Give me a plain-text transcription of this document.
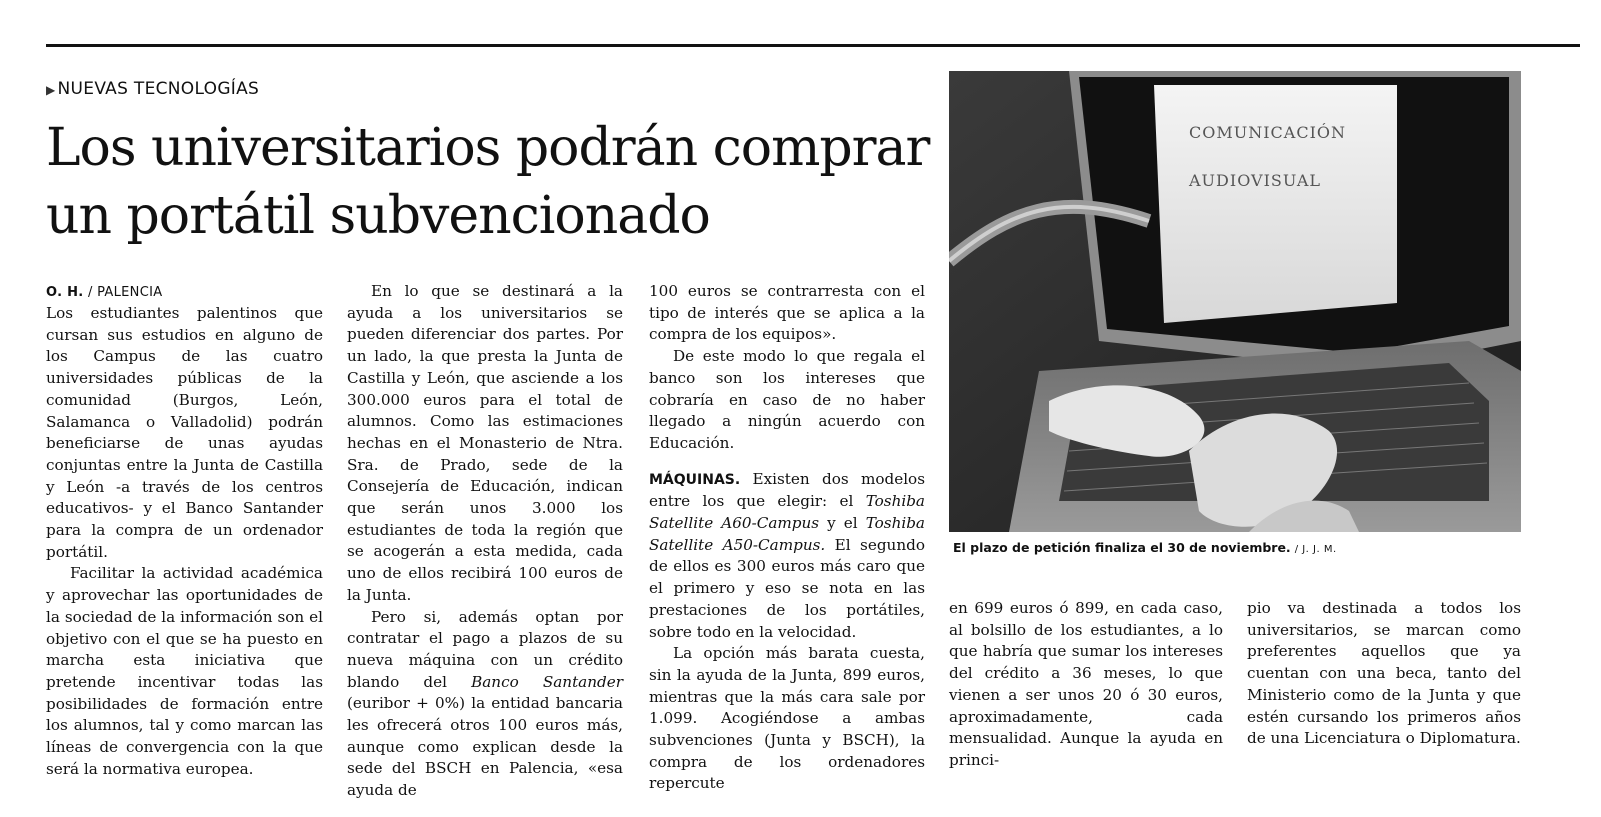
▶ NUEVAS TECNOLOGÍAS
Los universitarios podrán comprar
un portátil subvencionado
O. H. / PALENCIA

Los estudiantes palentinos que cursan sus estudios en alguno de los Campus de las cuatro universidades públicas de la comunidad (Burgos, León, Salamanca o Valladolid) podrán beneficiarse de unas ayudas conjuntas entre la Junta de Castilla y León -a través de los centros educativos- y el Banco Santander para la compra de un ordenador portátil.

Facilitar la actividad académica y aprovechar las oportunidades de la sociedad de la información son el objetivo con el que se ha puesto en marcha esta iniciativa que pretende incentivar todas las posibilidades de formación entre los alumnos, tal y como marcan las líneas de convergencia con la que será la normativa europea.

En lo que se destinará a la ayuda a los universitarios se pueden diferenciar dos partes. Por un lado, la que presta la Junta de Castilla y León, que asciende a los 300.000 euros para el total de alumnos. Como las estimaciones hechas en el Monasterio de Ntra. Sra. de Prado, sede de la Consejería de Educación, indican que serán unos 3.000 los estudiantes de toda la región que se acogerán a esta medida, cada uno de ellos recibirá 100 euros de la Junta.

Pero si, además optan por contratar el pago a plazos de su nueva máquina con un crédito blando del Banco Santander (euribor + 0%) la entidad bancaria les ofrecerá otros 100 euros más, aunque como explican desde la sede del BSCH en Palencia, «esa ayuda de

100 euros se contrarresta con el tipo de interés que se aplica a la compra de los equipos».

De este modo lo que regala el banco son los intereses que cobraría en caso de no haber llegado a ningún acuerdo con Educación.

MÁQUINAS. Existen dos modelos entre los que elegir: el Toshiba Satellite A60-Campus y el Toshiba Satellite A50-Campus. El segundo de ellos es 300 euros más caro que el primero y eso se nota en las prestaciones de los portátiles, sobre todo en la velocidad.

La opción más barata cuesta, sin la ayuda de la Junta, 899 euros, mientras que la más cara sale por 1.099. Acogiéndose a ambas subvenciones (Junta y BSCH), la compra de los ordenadores repercute

COMUNICACIÓN
AUDIOVISUAL
El plazo de petición finaliza el 30 de noviembre. / J. J. M.

en 699 euros ó 899, en cada caso, al bolsillo de los estudiantes, a lo que habría que sumar los intereses del crédito a 36 meses, lo que vienen a ser unos 20 ó 30 euros, aproximadamente, cada mensualidad. Aunque la ayuda en princi-

pio va destinada a todos los universitarios, se marcan como preferentes aquellos que ya cuentan con una beca, tanto del Ministerio como de la Junta y que estén cursando los primeros años de una Licenciatura o Diplomatura.
